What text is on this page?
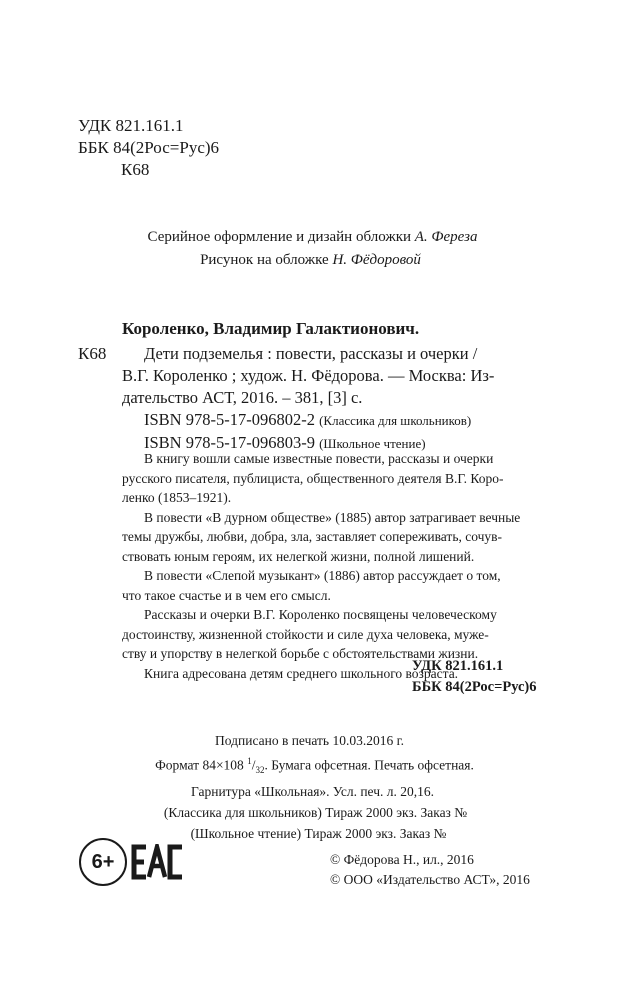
УДК 821.161.1
ББК 84(2Рос=Рус)6
К68
Серийное оформление и дизайн обложки А. Фереза
Рисунок на обложке Н. Фёдоровой
Короленко, Владимир Галактионович.
К68	Дети подземелья : повести, рассказы и очерки /
В.Г. Короленко ; худож. Н. Фёдорова. — Москва: Из-
дательство АСТ, 2016. – 381, [3] с.
ISBN 978-5-17-096802-2 (Классика для школьников)
ISBN 978-5-17-096803-9 (Школьное чтение)

В книгу вошли самые известные повести, рассказы и очерки

русского писателя, публициста, общественного деятеля В.Г. Коро-

ленко (1853–1921).

В повести «В дурном обществе» (1885) автор затрагивает вечные

темы дружбы, любви, добра, зла, заставляет сопереживать, сочув-

ствовать юным героям, их нелегкой жизни, полной лишений.

В повести «Слепой музыкант» (1886) автор рассуждает о том,

что такое счастье и в чем его смысл.

Рассказы и очерки В.Г. Короленко посвящены человеческому

достоинству, жизненной стойкости и силе духа человека, муже-

ству и упорству в нелегкой борьбе с обстоятельствами жизни.

Книга адресована детям среднего школьного возраста.

УДК 821.161.1
ББК 84(2Рос=Рус)6
Подписано в печать 10.03.2016 г.
Формат 84×108 $^1/_{32}$. Бумага офсетная. Печать офсетная.
Гарнитура «Школьная». Усл. печ. л. 20,16.
(Классика для школьников) Тираж 2000 экз. Заказ №
(Школьное чтение) Тираж 2000 экз. Заказ №
6+	© Фёдорова Н., ил., 2016
© ООО «Издательство АСТ», 2016
